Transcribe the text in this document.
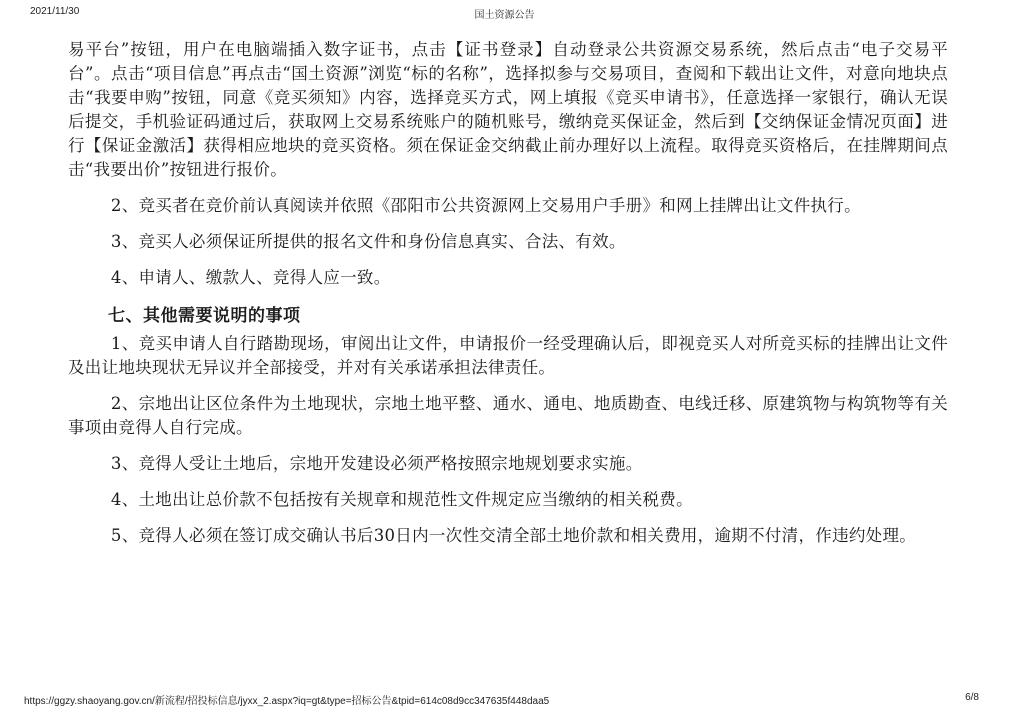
2021/11/30	国土资源公告

易平台”按钮，用户在电脑端插入数字证书，点击【证书登录】自动登录公共资源交易系统，然后点击“电子交易平台”。点击“项目信息”再点击“国土资源”浏览“标的名称”，选择拟参与交易项目，查阅和下载出让文件，对意向地块点击“我要申购”按钮，同意《竞买须知》内容，选择竞买方式，网上填报《竞买申请书》，任意选择一家银行，确认无误后提交，手机验证码通过后，获取网上交易系统账户的随机账号，缴纳竞买保证金，然后到【交纳保证金情况页面】进行【保证金激活】获得相应地块的竞买资格。须在保证金交纳截止前办理好以上流程。取得竞买资格后，在挂牌期间点击“我要出价”按钮进行报价。

2、竞买者在竞价前认真阅读并依照《邵阳市公共资源网上交易用户手册》和网上挂牌出让文件执行。

3、竞买人必须保证所提供的报名文件和身份信息真实、合法、有效。

4、申请人、缴款人、竞得人应一致。

七、其他需要说明的事项

1、竞买申请人自行踏勘现场，审阅出让文件，申请报价一经受理确认后，即视竞买人对所竞买标的挂牌出让文件及出让地块现状无异议并全部接受，并对有关承诺承担法律责任。

2、宗地出让区位条件为土地现状，宗地土地平整、通水、通电、地质勘查、电线迁移、原建筑物与构筑物等有关事项由竞得人自行完成。

3、竞得人受让土地后，宗地开发建设必须严格按照宗地规划要求实施。

4、土地出让总价款不包括按有关规章和规范性文件规定应当缴纳的相关税费。

5、竞得人必须在签订成交确认书后30日内一次性交清全部土地价款和相关费用，逾期不付清，作违约处理。

https://ggzy.shaoyang.gov.cn/新流程/招投标信息/jyxx_2.aspx?iq=gt&type=招标公告&tpid=614c08d9cc347635f448daa5	6/8
